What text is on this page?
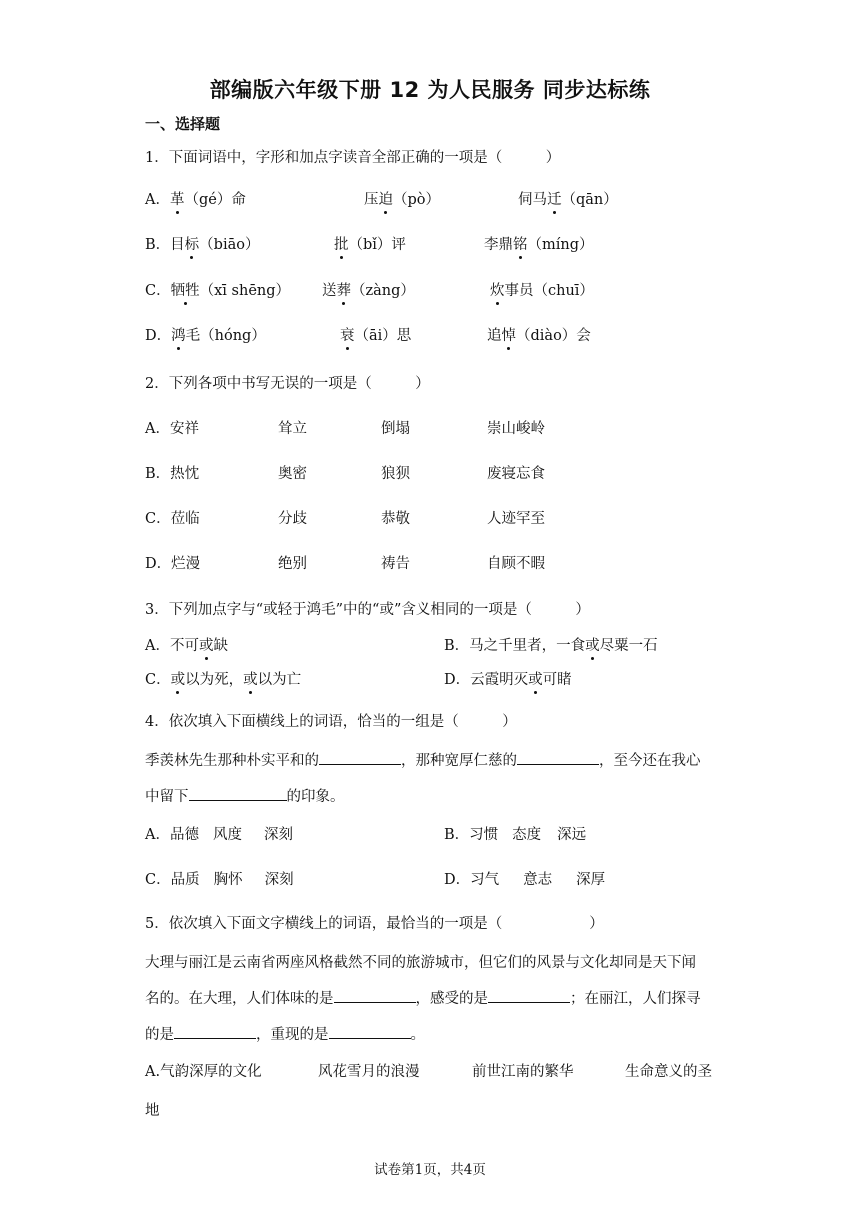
部编版六年级下册 12 为人民服务 同步达标练
一、选择题
1．下面词语中，字形和加点字读音全部正确的一项是（　　　）
A．革（gé）命	压迫（pò）	伺马迁（qān）
B．目标（biāo）	批（bǐ）评	李鼎铭（míng）
C．牺牲（xī shēng） 送葬（zàng）	炊事员（chuī）
D．鸿毛（hóng）	衰（āi）思	追悼（diào）会
2．下列各项中书写无误的一项是（　　　）
A．安祥	耸立	倒塌	崇山峻岭
B．热忱	奥密	狼狈	废寝忘食
C．莅临	分歧	恭敬	人迹罕至
D．烂漫	绝别	祷告	自顾不暇
3．下列加点字与“或轻于鸿毛”中的“或”含义相同的一项是（　　　）
A．不可或缺	B．马之千里者，一食或尽粟一石
C．或以为死，或以为亡	D．云霞明灭或可睹
4．依次填入下面横线上的词语，恰当的一组是（　　　）
季羡林先生那种朴实平和的	，那种宽厚仁慈的	，至今还在我心
中留下	的印象。
A．品德 风度 深刻	B．习惯 态度 深远
C．品质 胸怀 深刻	D．习气 意志 深厚
5．依次填入下面文字横线上的词语，最恰当的一项是（　　　　　　）
大理与丽江是云南省两座风格截然不同的旅游城市，但它们的风景与文化却同是天下闻
名的。在大理，人们体味的是	，感受的是	；在丽江，人们探寻
的是	，重现的是	。
A.气韵深厚的文化	风花雪月的浪漫	前世江南的繁华	生命意义的圣
地
试卷第1页，共4页
